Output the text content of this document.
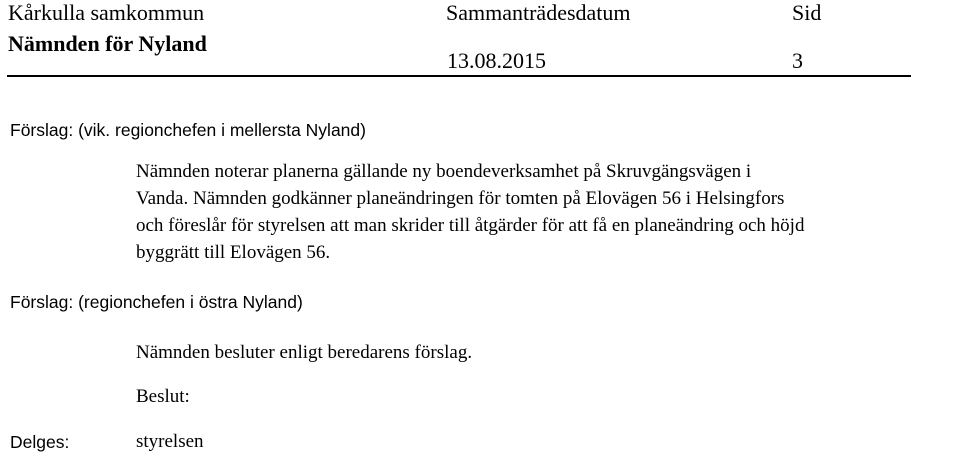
Kårkulla samkommun
Nämnden för Nyland
Sammanträdesdatum
13.08.2015
Sid
3
Förslag: (vik. regionchefen i mellersta Nyland)
Nämnden noterar planerna gällande ny boendeverksamhet på Skruvgängsvägen i
Vanda. Nämnden godkänner planeändringen för tomten på Elovägen 56 i Helsingfors
och föreslår för styrelsen att man skrider till åtgärder för att få en planeändring och höjd
byggrätt till Elovägen 56.
Förslag: (regionchefen i östra Nyland)
Nämnden besluter enligt beredarens förslag.
Beslut:
Delges:	styrelsen
